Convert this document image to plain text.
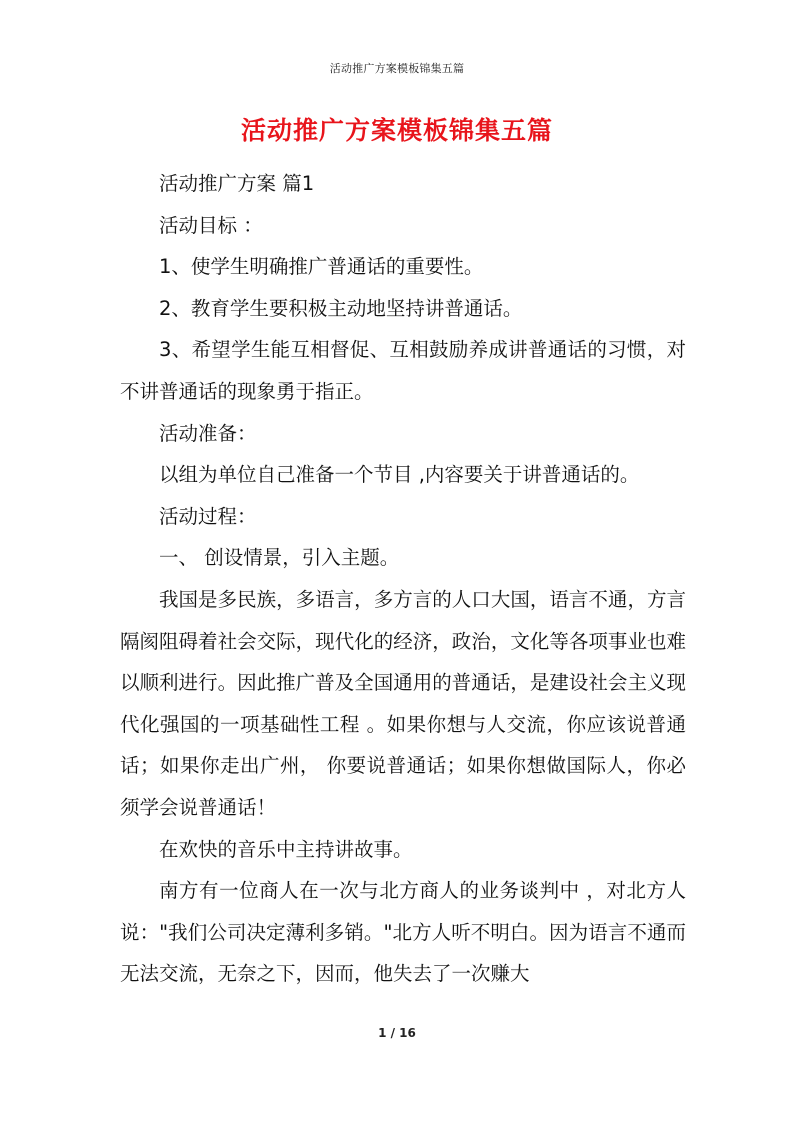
活动推广方案模板锦集五篇
活动推广方案模板锦集五篇

活动推广方案 篇1

活动目标 ：

1、使学生明确推广普通话的重要性。

2、教育学生要积极主动地坚持讲普通话。

3、希望学生能互相督促、互相鼓励养成讲普通话的习惯，对不讲普通话的现象勇于指正。

活动准备：

以组为单位自己准备一个节目 ,内容要关于讲普通话的。

活动过程：

一、 创设情景，引入主题。

我国是多民族，多语言，多方言的人口大国，语言不通，方言隔阂阻碍着社会交际，现代化的经济，政治，文化等各项事业也难以顺利进行。因此推广普及全国通用的普通话，是建设社会主义现代化强国的一项基础性工程 。如果你想与人交流，你应该说普通话；如果你走出广州， 你要说普通话；如果你想做国际人，你必须学会说普通话！

在欢快的音乐中主持讲故事。

南方有一位商人在一次与北方商人的业务谈判中 ，对北方人说："我们公司决定薄利多销。"北方人听不明白。因为语言不通而无法交流，无奈之下，因而，他失去了一次赚大

1 / 16
